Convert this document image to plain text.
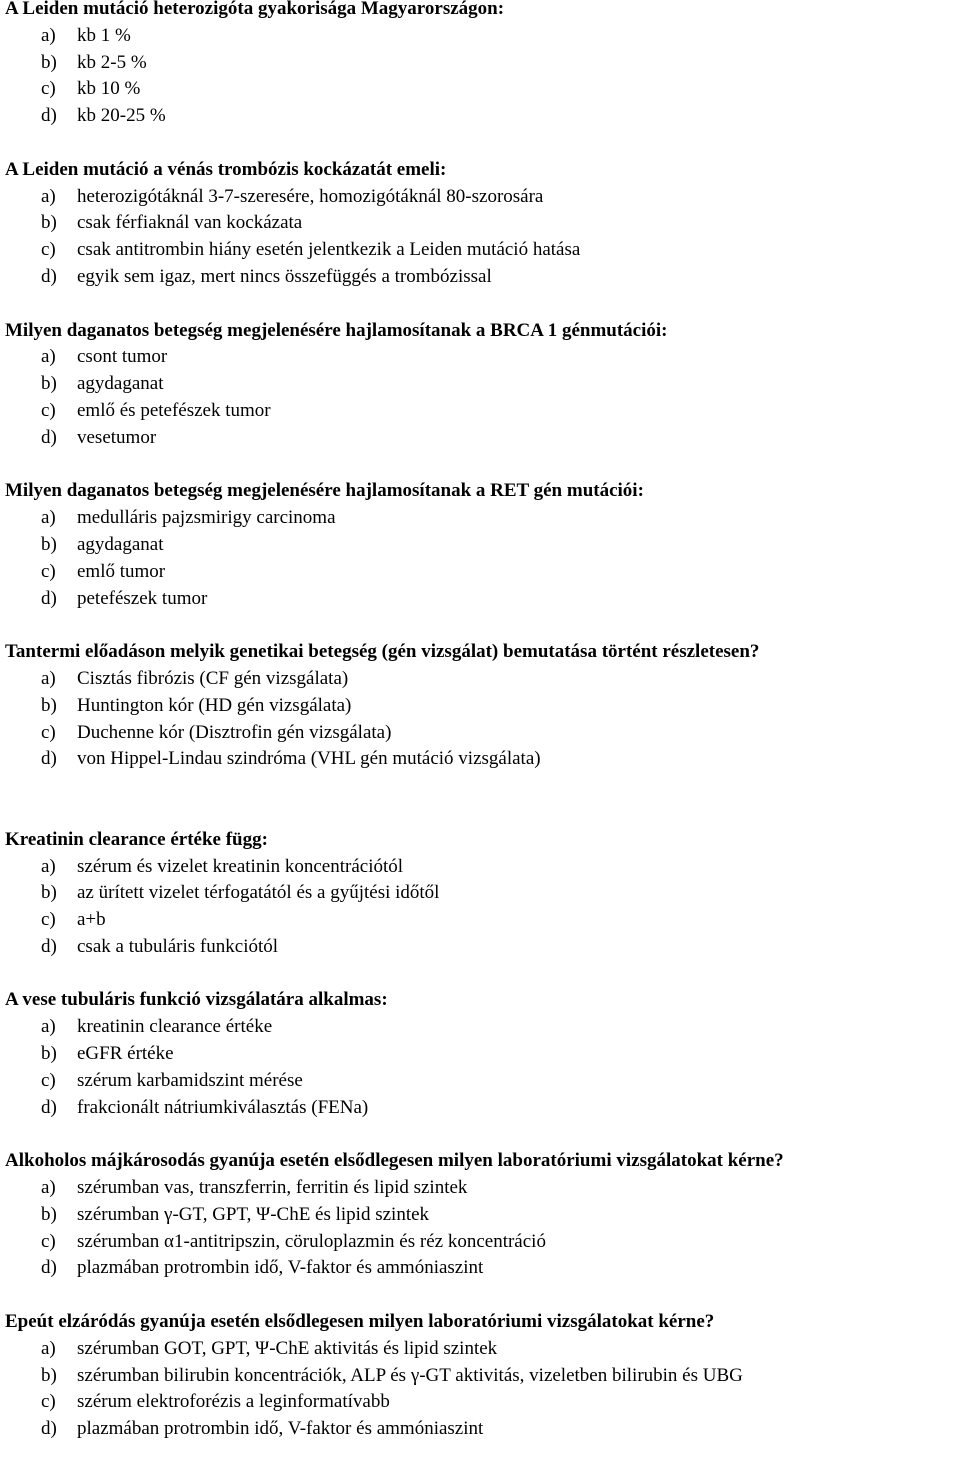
A Leiden mutáció heterozigóta gyakorisága Magyarországon:
a)	kb 1 %
b)	kb 2-5 %
c)	kb 10 %
d)	kb 20-25 %
A Leiden mutáció a vénás trombózis kockázatát emeli:
a)	heterozigótáknál 3-7-szeresére, homozigótáknál 80-szorosára
b)	csak férfiaknál van kockázata
c)	csak antitrombin hiány esetén jelentkezik a Leiden mutáció hatása
d)	egyik sem igaz, mert nincs összefüggés a trombózissal
Milyen daganatos betegség megjelenésére hajlamosítanak a BRCA 1 génmutációi:
a)	csont tumor
b)	agydaganat
c)	emlő és petefészek tumor
d)	vesetumor
Milyen daganatos betegség megjelenésére hajlamosítanak a RET gén mutációi:
a)	medulláris pajzsmirigy carcinoma
b)	agydaganat
c)	emlő tumor
d)	petefészek tumor
Tantermi előadáson melyik genetikai betegség (gén vizsgálat) bemutatása történt részletesen?
a)	Cisztás fibrózis (CF gén vizsgálata)
b)	Huntington kór (HD gén vizsgálata)
c)	Duchenne kór (Disztrofin gén vizsgálata)
d)	von Hippel-Lindau szindróma (VHL gén mutáció vizsgálata)
Kreatinin clearance értéke függ:
a)	szérum és vizelet kreatinin koncentrációtól
b)	az ürített vizelet térfogatától és a gyűjtési időtől
c)	a+b
d)	csak a tubuláris funkciótól
A vese tubuláris funkció vizsgálatára alkalmas:
a)	kreatinin clearance értéke
b)	eGFR értéke
c)	szérum karbamidszint mérése
d)	frakcionált nátriumkiválasztás (FENa)
Alkoholos májkárosodás gyanúja esetén elsődlegesen milyen laboratóriumi vizsgálatokat kérne?
a)	szérumban vas, transzferrin, ferritin és lipid szintek
b)	szérumban γ-GT, GPT, Ψ-ChE és lipid szintek
c)	szérumban α1-antitripszin, cöruloplazmin és réz koncentráció
d)	plazmában protrombin idő, V-faktor és ammóniaszint
Epeút elzáródás gyanúja esetén elsődlegesen milyen laboratóriumi vizsgálatokat kérne?
a)	szérumban GOT, GPT, Ψ-ChE aktivitás és lipid szintek
b)	szérumban bilirubin koncentrációk, ALP és γ-GT aktivitás, vizeletben bilirubin és UBG
c)	szérum elektroforézis a leginformatívabb
d)	plazmában protrombin idő, V-faktor és ammóniaszint
